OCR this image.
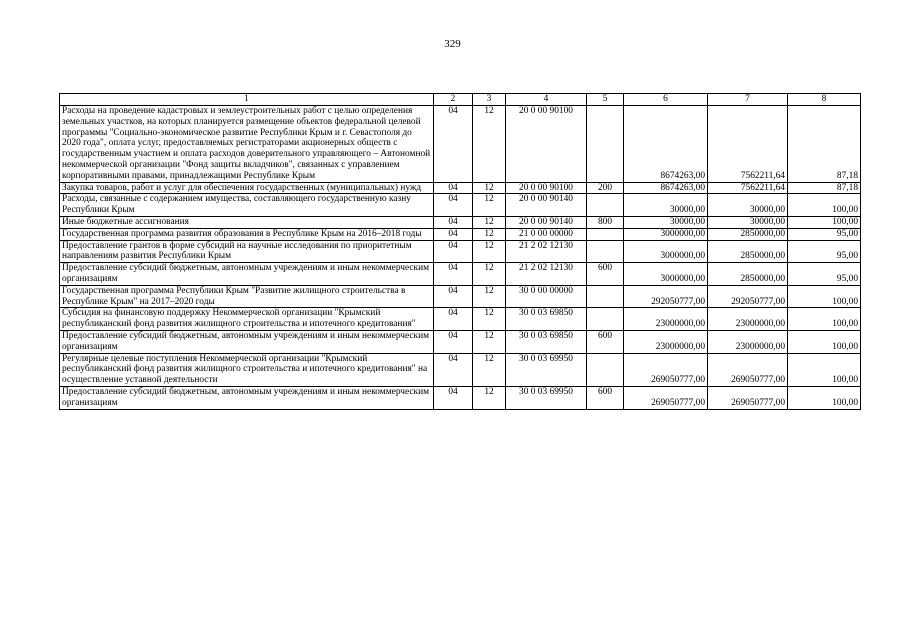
329
1	2	3	4	5	6	7	8
Расходы на проведение кадастровых и землеустроительных работ с целью определения земельных участков, на которых планируется размещение объектов федеральной целевой программы "Социально-экономическое развитие Республики Крым и г. Севастополя до 2020 года", оплата услуг, предоставляемых регистраторами акционерных обществ с государственным участием и оплата расходов доверительного управляющего – Автономной некоммерческой организации "Фонд защиты вкладчиков", связанных с управлением корпоративными правами, принадлежащими Республике Крым	04	12	20 0 00 90100		8674263,00	7562211,64	87,18
Закупка товаров, работ и услуг для обеспечения государственных (муниципальных) нужд	04	12	20 0 00 90100	200	8674263,00	7562211,64	87,18
Расходы, связанные с содержанием имущества, составляющего государственную казну Республики Крым	04	12	20 0 00 90140		30000,00	30000,00	100,00
Иные бюджетные ассигнования	04	12	20 0 00 90140	800	30000,00	30000,00	100,00
Государственная программа развития образования в Республике Крым на 2016–2018 годы	04	12	21 0 00 00000		3000000,00	2850000,00	95,00
Предоставление грантов в форме субсидий на научные исследования по приоритетным направлениям развития Республики Крым	04	12	21 2 02 12130		3000000,00	2850000,00	95,00
Предоставление субсидий бюджетным, автономным учреждениям и иным некоммерческим организациям	04	12	21 2 02 12130	600	3000000,00	2850000,00	95,00
Государственная программа Республики Крым "Развитие жилищного строительства в Республике Крым" на 2017–2020 годы	04	12	30 0 00 00000		292050777,00	292050777,00	100,00
Субсидия на финансовую поддержку Некоммерческой организации "Крымский республиканский фонд развития жилищного строительства и ипотечного кредитования"	04	12	30 0 03 69850		23000000,00	23000000,00	100,00
Предоставление субсидий бюджетным, автономным учреждениям и иным некоммерческим организациям	04	12	30 0 03 69850	600	23000000,00	23000000,00	100,00
Регулярные целевые поступления Некоммерческой организации "Крымский республиканский фонд развития жилищного строительства и ипотечного кредитования" на осуществление уставной деятельности	04	12	30 0 03 69950		269050777,00	269050777,00	100,00
Предоставление субсидий бюджетным, автономным учреждениям и иным некоммерческим организациям	04	12	30 0 03 69950	600	269050777,00	269050777,00	100,00
